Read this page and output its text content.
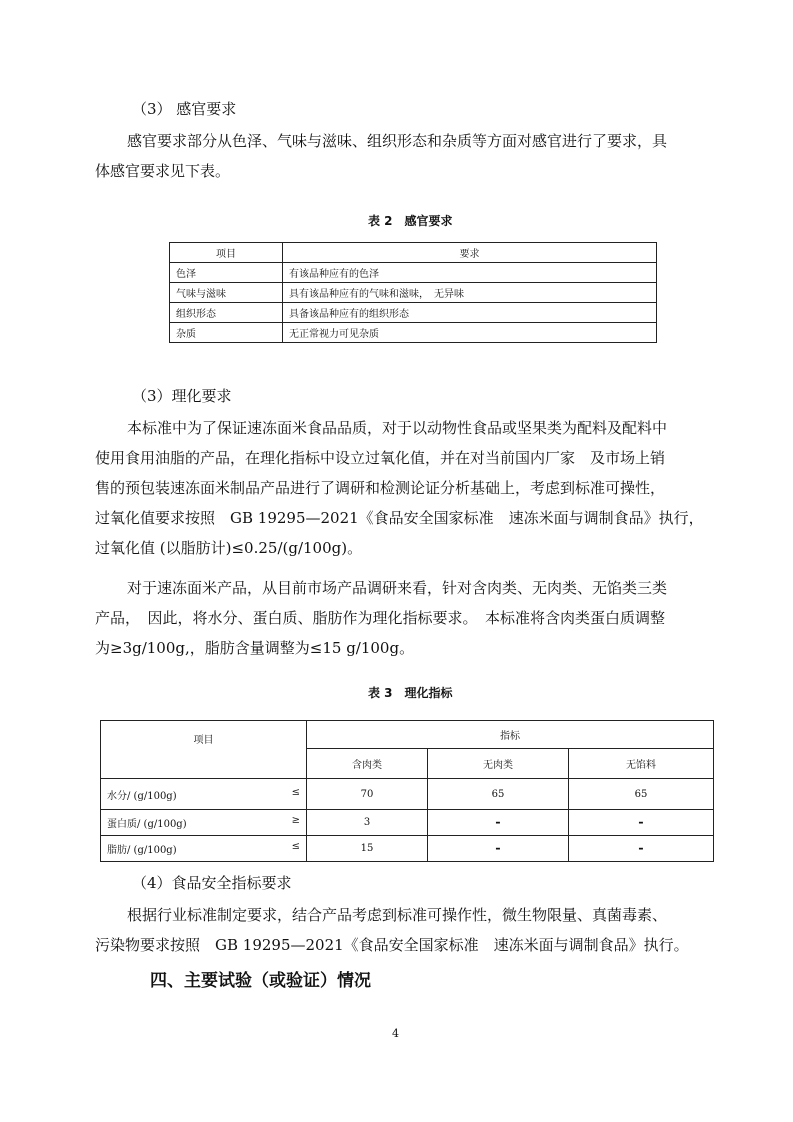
（3） 感官要求
感官要求部分从色泽、气味与滋味、组织形态和杂质等方面对感官进行了要求，具
体感官要求见下表。
表 2　感官要求
项目	要求
色泽	有该品种应有的色泽
气味与滋味	具有该品种应有的气味和滋味，　无异味
组织形态	具备该品种应有的组织形态
杂质	无正常视力可见杂质
（3）理化要求
本标准中为了保证速冻面米食品品质，对于以动物性食品或坚果类为配料及配料中
使用食用油脂的产品，在理化指标中设立过氧化值，并在对当前国内厂家　及市场上销
售的预包装速冻面米制品产品进行了调研和检测论证分析基础上，考虑到标准可操性，
过氧化值要求按照　GB 19295—2021《食品安全国家标准　速冻米面与调制食品》执行，
过氧化值 (以脂肪计)≤0.25/(g/100g)。
对于速冻面米产品，从目前市场产品调研来看，针对含肉类、无肉类、无馅类三类
产品，　因此，将水分、蛋白质、脂肪作为理化指标要求。　本标准将含肉类蛋白质调整
为≥3g/100g,，脂肪含量调整为≤15 g/100g。
表 3　理化指标
项目	指标		
	含肉类	无肉类	无馅料
水分/ (g/100g) ≤	70	65	65
蛋白质/ (g/100g) ≥	3	-	-
脂肪/ (g/100g) ≤	15	-	-
（4）食品安全指标要求
根据行业标准制定要求，结合产品考虑到标准可操作性，微生物限量、真菌毒素、
污染物要求按照　GB 19295—2021《食品安全国家标准　速冻米面与调制食品》执行。
四、主要试验（或验证）情况
4
